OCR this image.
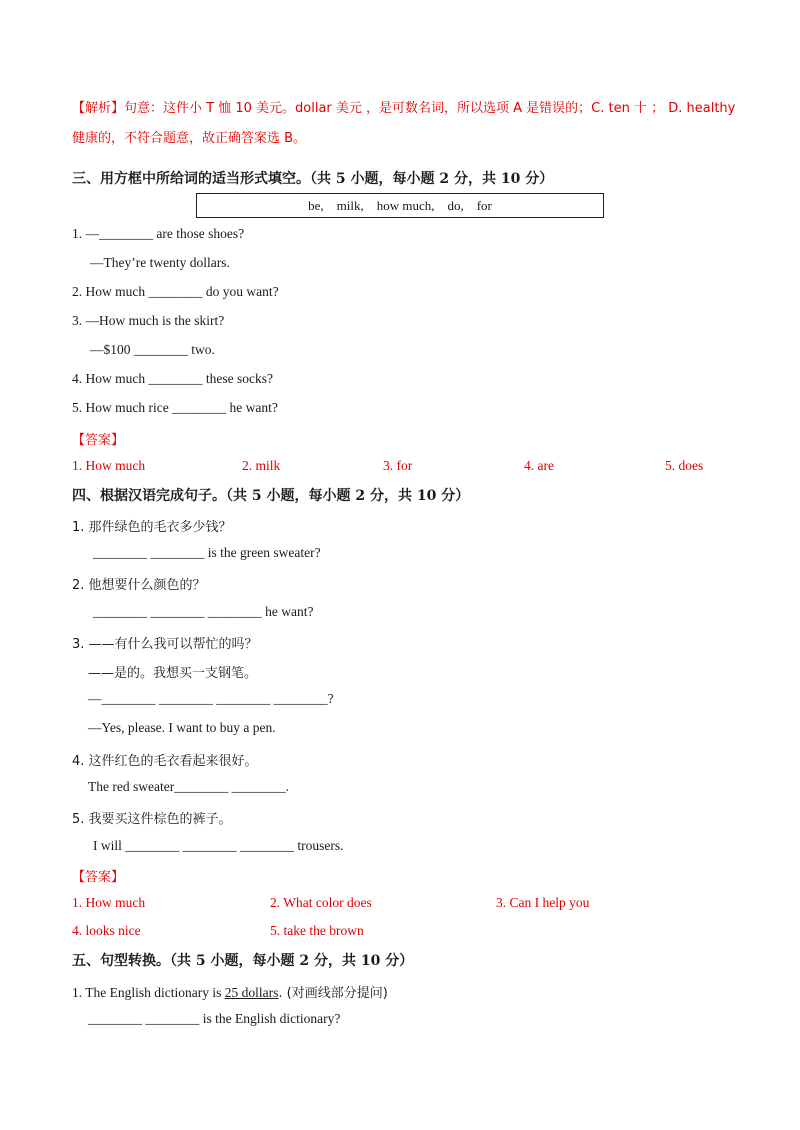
【解析】句意：这件小 T 恤 10 美元。dollar 美元 ，是可数名词，所以选项 A 是错误的；C. ten 十 ； D. healthy
健康的，不符合题意，故正确答案选 B。
三、用方框中所给词的适当形式填空。（共 5 小题，每小题 2 分，共 10 分）
be,    milk,    how much,    do,    for
1. —________ are those shoes?
—They’re twenty dollars.
2. How much ________ do you want?
3. —How much is the skirt?
—$100 ________ two.
4. How much ________ these socks?
5. How much rice ________ he want?
【答案】
1. How much	2. milk	3. for	4. are	5. does
四、根据汉语完成句子。（共 5 小题，每小题 2 分，共 10 分）
1. 那件绿色的毛衣多少钱？
________ ________ is the green sweater?
2. 他想要什么颜色的？
________ ________ ________ he want?
3. ——有什么我可以帮忙的吗？
——是的。我想买一支钢笔。
—________ ________ ________ ________?
—Yes, please. I want to buy a pen.
4. 这件红色的毛衣看起来很好。
The red sweater________ ________.
5. 我要买这件棕色的裤子。
I will ________ ________ ________ trousers.
【答案】
1. How much	2. What color does	3. Can I help you
4. looks nice	5. take the brown
五、句型转换。（共 5 小题，每小题 2 分，共 10 分）
1. The English dictionary is 25 dollars. (对画线部分提问)
________ ________ is the English dictionary?
